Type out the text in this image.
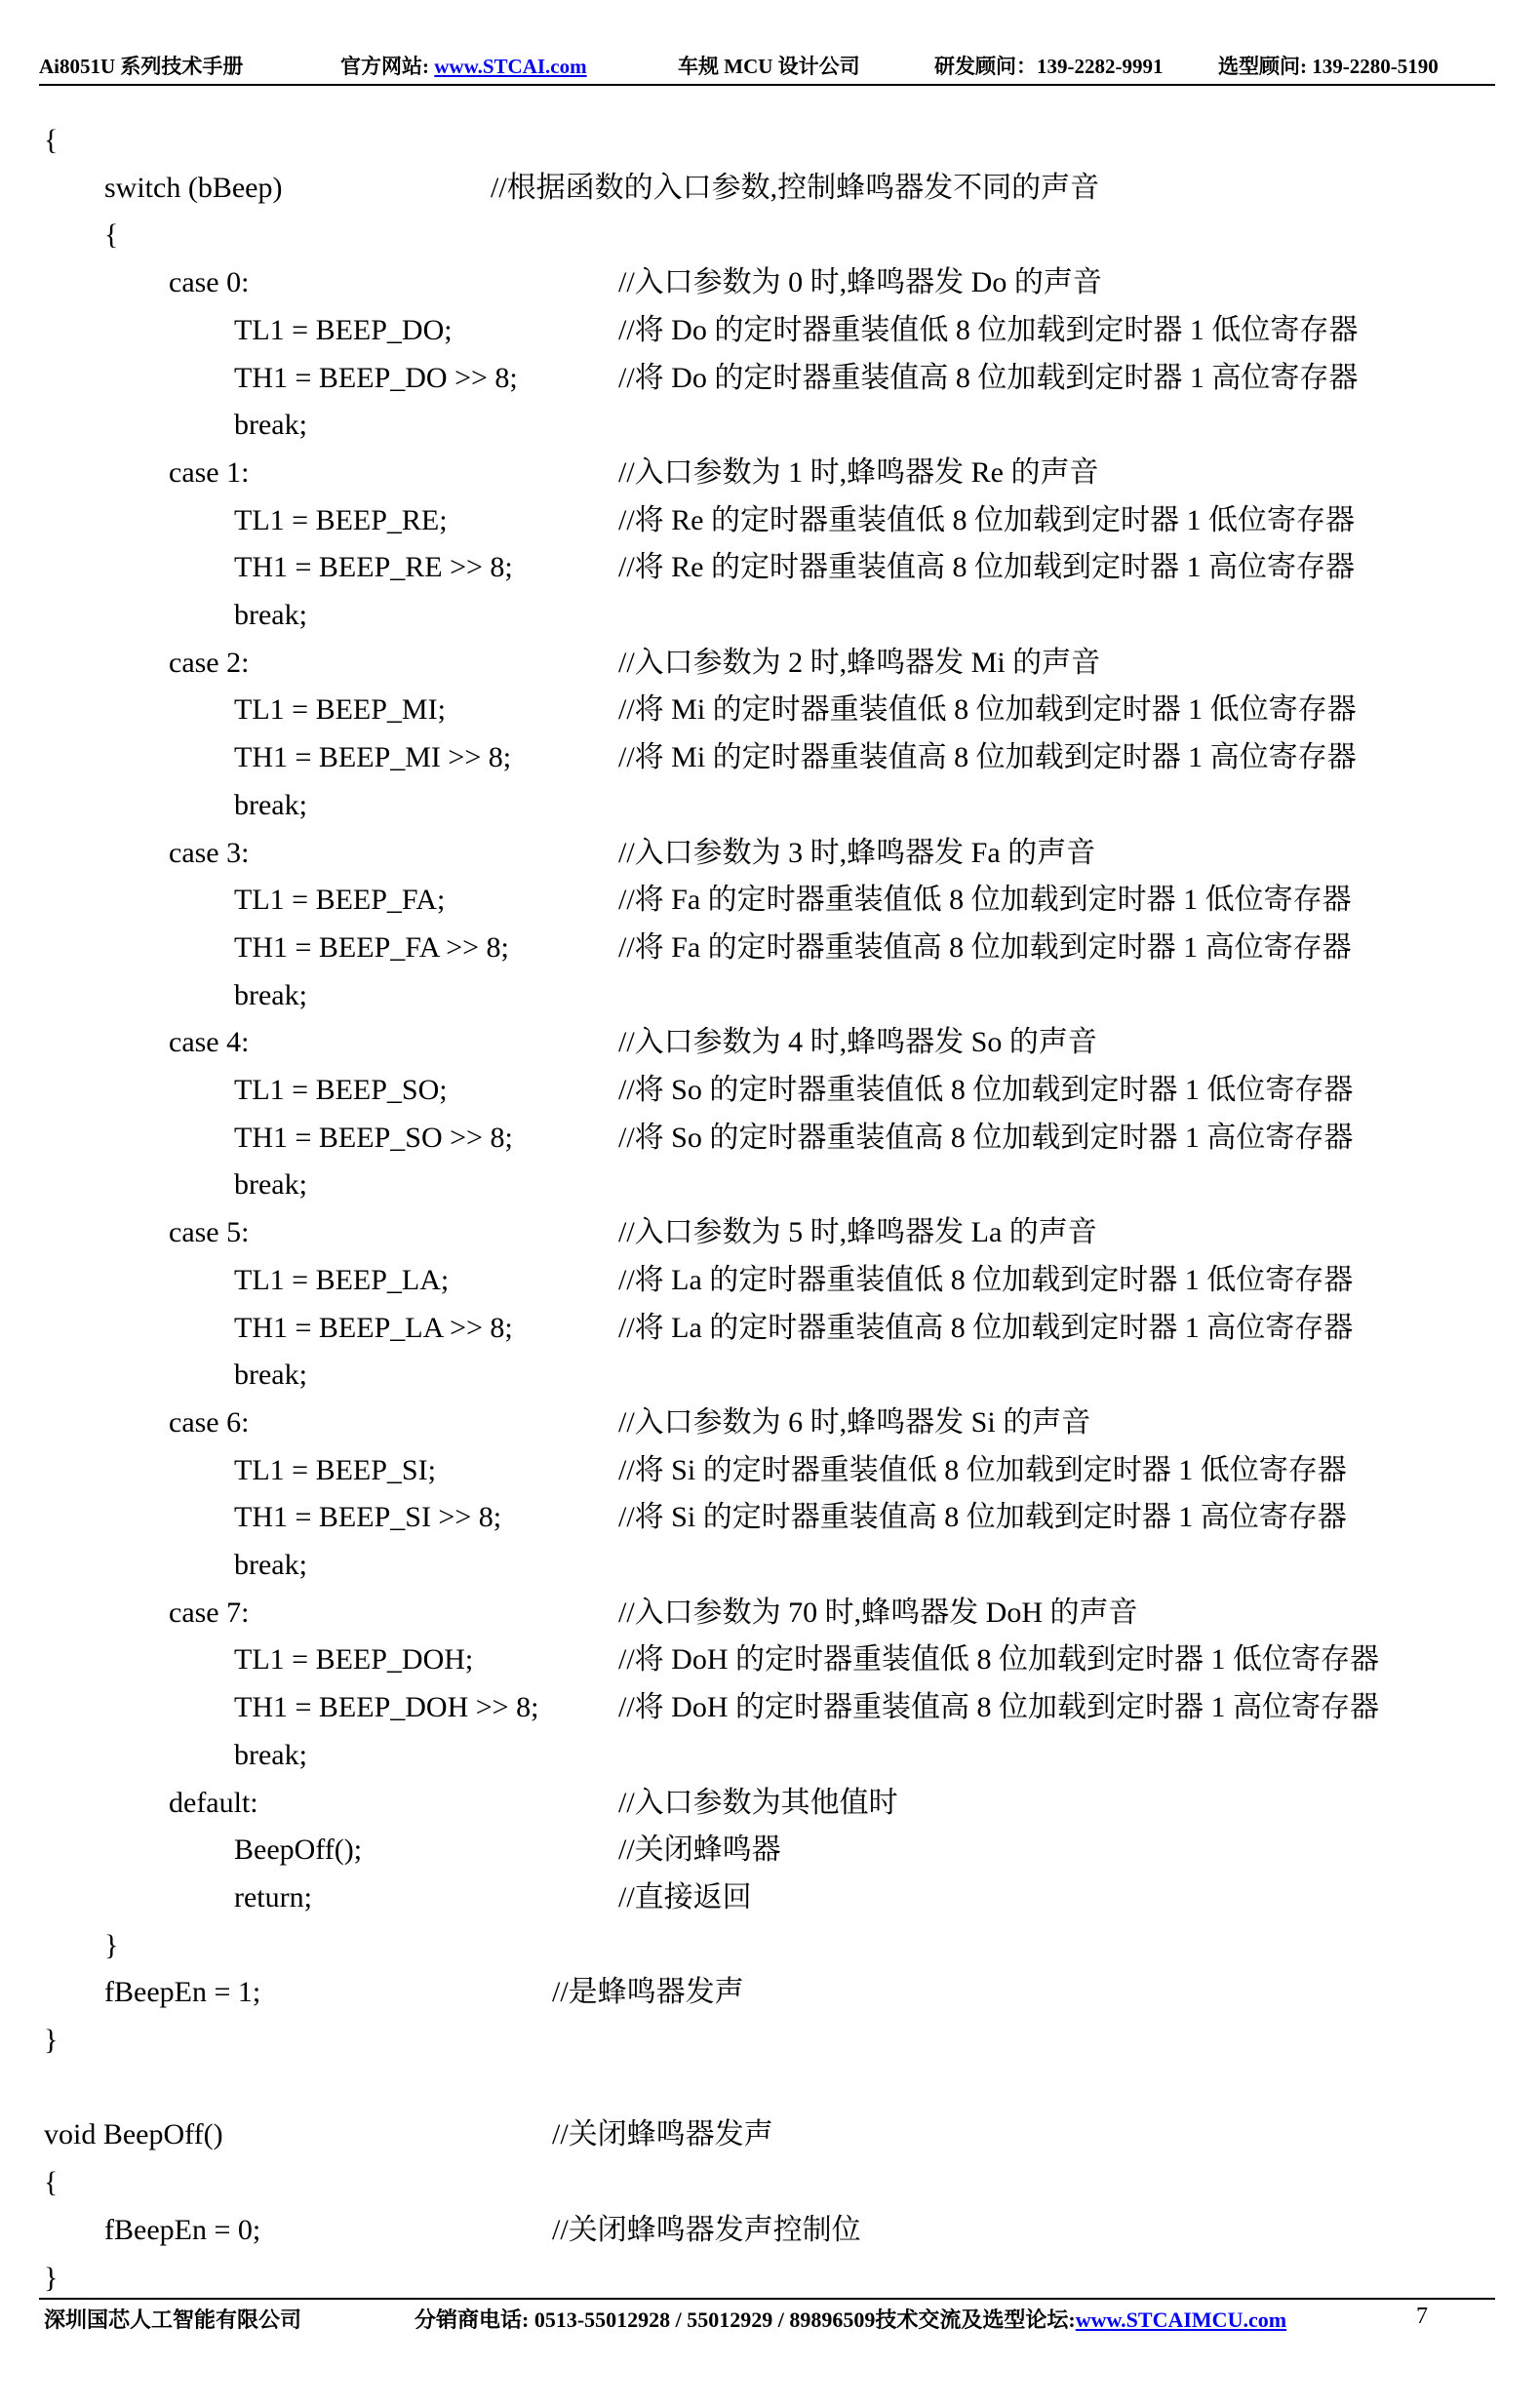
Ai8051U 系列技术手册	官方网站: www.STCAI.com	车规 MCU 设计公司	研发顾问：139-2282-9991	选型顾问: 139-2280-5190
{
switch (bBeep)	//根据函数的入口参数,控制蜂鸣器发不同的声音
{
case 0:	//入口参数为 0 时,蜂鸣器发 Do 的声音
TL1 = BEEP_DO;	//将 Do 的定时器重装值低 8 位加载到定时器 1 低位寄存器
TH1 = BEEP_DO >> 8;	//将 Do 的定时器重装值高 8 位加载到定时器 1 高位寄存器
break;
case 1:	//入口参数为 1 时,蜂鸣器发 Re 的声音
TL1 = BEEP_RE;	//将 Re 的定时器重装值低 8 位加载到定时器 1 低位寄存器
TH1 = BEEP_RE >> 8;	//将 Re 的定时器重装值高 8 位加载到定时器 1 高位寄存器
break;
case 2:	//入口参数为 2 时,蜂鸣器发 Mi 的声音
TL1 = BEEP_MI;	//将 Mi 的定时器重装值低 8 位加载到定时器 1 低位寄存器
TH1 = BEEP_MI >> 8;	//将 Mi 的定时器重装值高 8 位加载到定时器 1 高位寄存器
break;
case 3:	//入口参数为 3 时,蜂鸣器发 Fa 的声音
TL1 = BEEP_FA;	//将 Fa 的定时器重装值低 8 位加载到定时器 1 低位寄存器
TH1 = BEEP_FA >> 8;	//将 Fa 的定时器重装值高 8 位加载到定时器 1 高位寄存器
break;
case 4:	//入口参数为 4 时,蜂鸣器发 So 的声音
TL1 = BEEP_SO;	//将 So 的定时器重装值低 8 位加载到定时器 1 低位寄存器
TH1 = BEEP_SO >> 8;	//将 So 的定时器重装值高 8 位加载到定时器 1 高位寄存器
break;
case 5:	//入口参数为 5 时,蜂鸣器发 La 的声音
TL1 = BEEP_LA;	//将 La 的定时器重装值低 8 位加载到定时器 1 低位寄存器
TH1 = BEEP_LA >> 8;	//将 La 的定时器重装值高 8 位加载到定时器 1 高位寄存器
break;
case 6:	//入口参数为 6 时,蜂鸣器发 Si 的声音
TL1 = BEEP_SI;	//将 Si 的定时器重装值低 8 位加载到定时器 1 低位寄存器
TH1 = BEEP_SI >> 8;	//将 Si 的定时器重装值高 8 位加载到定时器 1 高位寄存器
break;
case 7:	//入口参数为 70 时,蜂鸣器发 DoH 的声音
TL1 = BEEP_DOH;	//将 DoH 的定时器重装值低 8 位加载到定时器 1 低位寄存器
TH1 = BEEP_DOH >> 8;	//将 DoH 的定时器重装值高 8 位加载到定时器 1 高位寄存器
break;
default:	//入口参数为其他值时
BeepOff();	//关闭蜂鸣器
return;	//直接返回
}
fBeepEn = 1;	//是蜂鸣器发声
}
void BeepOff()	//关闭蜂鸣器发声
{
fBeepEn = 0;	//关闭蜂鸣器发声控制位
}
深圳国芯人工智能有限公司	分销商电话: 0513-55012928 / 55012929 / 89896509技术交流及选型论坛:www.STCAIMCU.com	7
